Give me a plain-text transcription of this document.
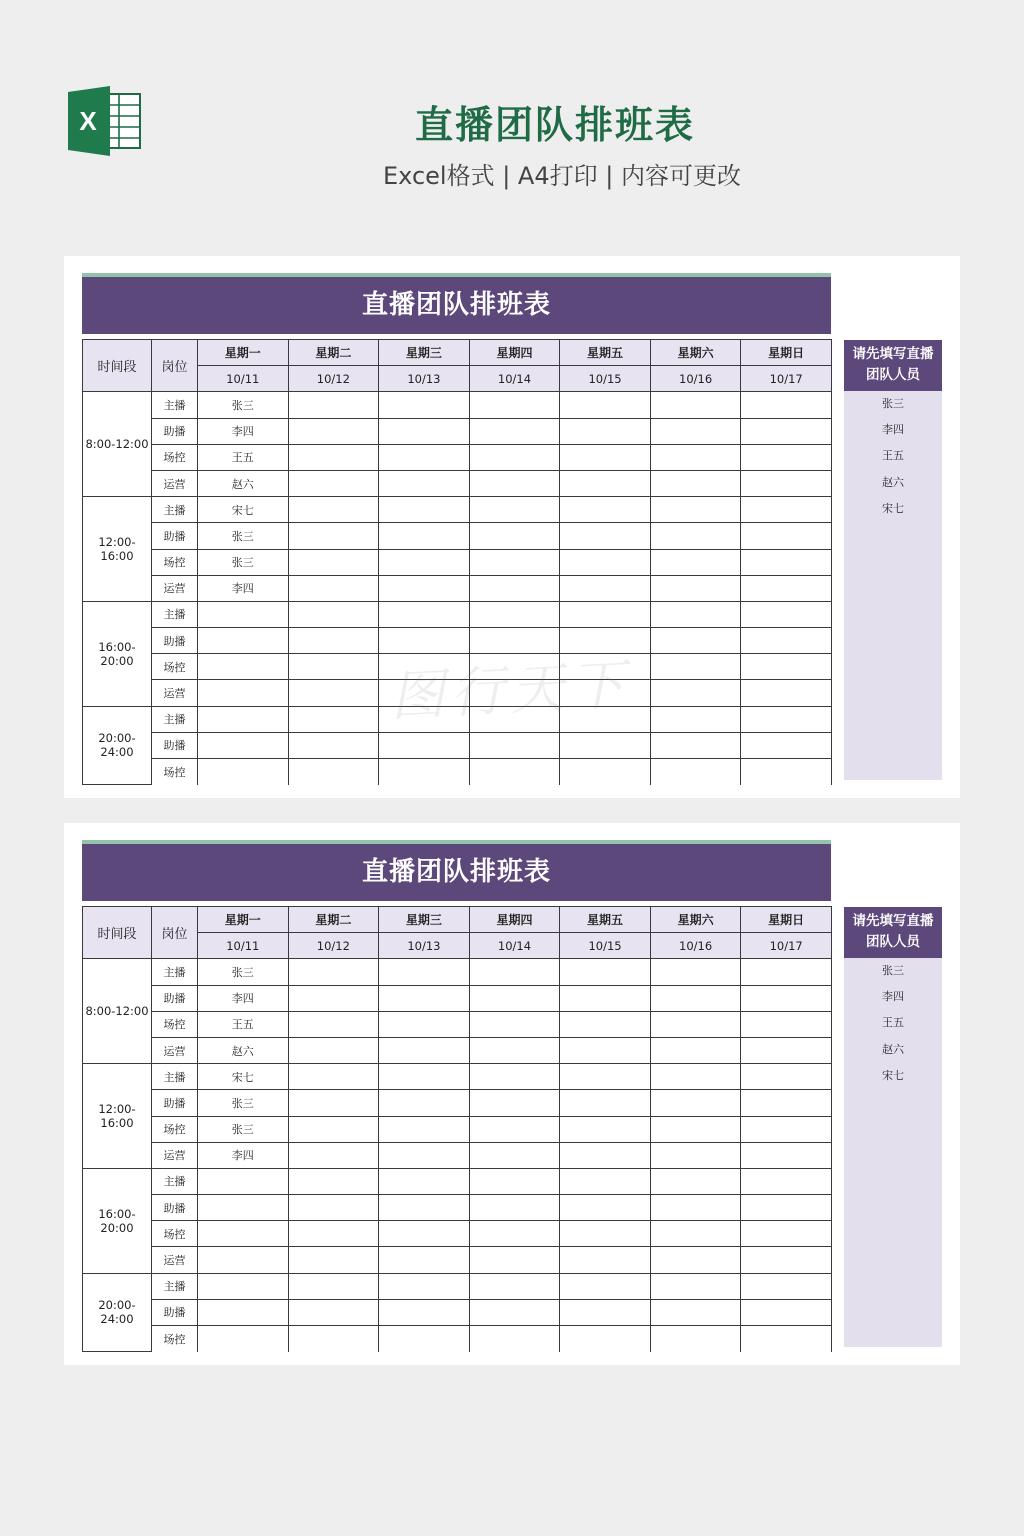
X	直播团队排班表
Excel格式 | A4打印 | 内容可更改
直播团队排班表
时间段	岗位	星期一	星期二	星期三	星期四	星期五	星期六	星期日
		10/11	10/12	10/13	10/14	10/15	10/16	10/17
8:00-12:00	主播	张三						
	助播	李四						
	场控	王五						
	运营	赵六						
12:00-16:00	主播	宋七						
	助播	张三						
	场控	张三						
	运营	李四						
16:00-20:00	主播							
	助播							
	场控							
	运营							
20:00-24:00	主播							
	助播							
	场控							
请先填写直播
团队人员
张三
李四
王五
赵六
宋七
直播团队排班表
时间段	岗位	星期一	星期二	星期三	星期四	星期五	星期六	星期日
		10/11	10/12	10/13	10/14	10/15	10/16	10/17
8:00-12:00	主播	张三						
	助播	李四						
	场控	王五						
	运营	赵六						
12:00-16:00	主播	宋七						
	助播	张三						
	场控	张三						
	运营	李四						
16:00-20:00	主播							
	助播							
	场控							
	运营							
20:00-24:00	主播							
	助播							
	场控							
请先填写直播
团队人员
张三
李四
王五
赵六
宋七
图行天下
